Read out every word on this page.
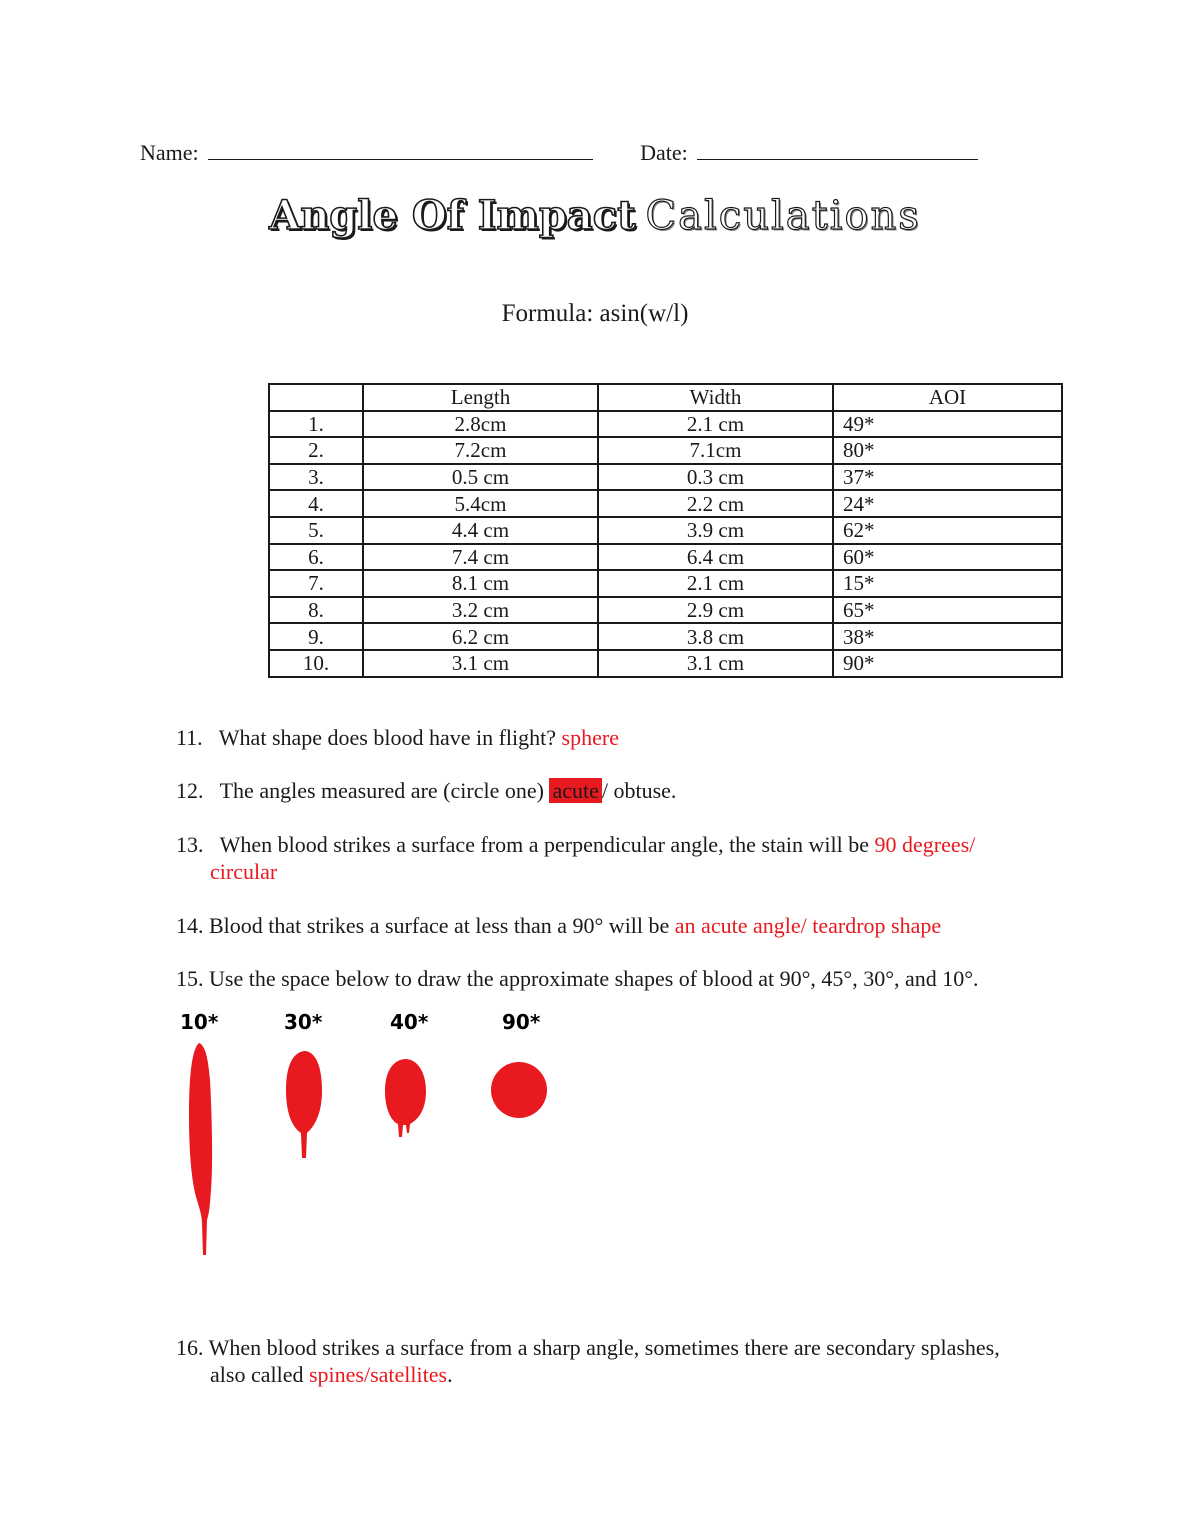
Name:	Date:
Angle Of Impact Calculations
Formula: asin(w/l)
	Length	Width	AOI
1.	2.8cm	2.1 cm	49*
2.	7.2cm	7.1cm	80*
3.	0.5 cm	0.3 cm	37*
4.	5.4cm	2.2 cm	24*
5.	4.4 cm	3.9 cm	62*
6.	7.4 cm	6.4 cm	60*
7.	8.1 cm	2.1 cm	15*
8.	3.2 cm	2.9 cm	65*
9.	6.2 cm	3.8 cm	38*
10.	3.1 cm	3.1 cm	90*
11. What shape does blood have in flight? sphere
12. The angles measured are (circle one) acute / obtuse.
13. When blood strikes a surface from a perpendicular angle, the stain will be 90 degrees/
circular
14. Blood that strikes a surface at less than a 90° will be an acute angle/ teardrop shape
15. Use the space below to draw the approximate shapes of blood at 90°, 45°, 30°, and 10°.
10*	30*	40*	90*
16. When blood strikes a surface from a sharp angle, sometimes there are secondary splashes,
also called spines/satellites.
